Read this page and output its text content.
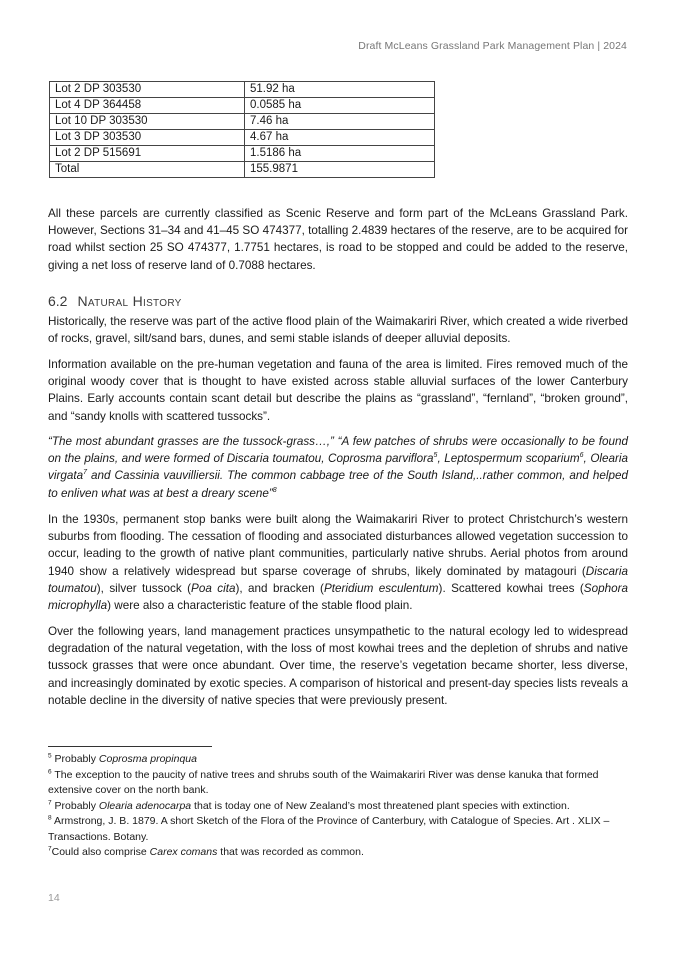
Draft McLeans Grassland Park Management Plan | 2024
Lot 2 DP 303530	51.92 ha
Lot 4 DP 364458	0.0585 ha
Lot 10 DP 303530	7.46 ha
Lot 3 DP 303530	4.67 ha
Lot 2 DP 515691	1.5186 ha
Total	155.9871

All these parcels are currently classified as Scenic Reserve and form part of the McLeans Grassland Park. However, Sections 31–34 and 41–45 SO 474377, totalling 2.4839 hectares of the reserve, are to be acquired for road whilst section 25 SO 474377, 1.7751 hectares, is road to be stopped and could be added to the reserve, giving a net loss of reserve land of 0.7088 hectares.

6.2 Natural History

Historically, the reserve was part of the active flood plain of the Waimakariri River, which created a wide riverbed of rocks, gravel, silt/sand bars, dunes, and semi stable islands of deeper alluvial deposits.

Information available on the pre-human vegetation and fauna of the area is limited. Fires removed much of the original woody cover that is thought to have existed across stable alluvial surfaces of the lower Canterbury Plains. Early accounts contain scant detail but describe the plains as “grassland”, “fernland”, “broken ground”, and “sandy knolls with scattered tussocks”.

“The most abundant grasses are the tussock-grass…,” “A few patches of shrubs were occasionally to be found on the plains, and were formed of Discaria toumatou, Coprosma parviflora$^5$, Leptospermum scoparium$^6$, Olearia virgata$^7$ and Cassinia vauvilliersii. The common cabbage tree of the South Island,..rather common, and helped to enliven what was at best a dreary scene”$^8$

In the 1930s, permanent stop banks were built along the Waimakariri River to protect Christchurch’s western suburbs from flooding. The cessation of flooding and associated disturbances allowed vegetation succession to occur, leading to the growth of native plant communities, particularly native shrubs. Aerial photos from around 1940 show a relatively widespread but sparse coverage of shrubs, likely dominated by matagouri (Discaria toumatou), silver tussock (Poa cita), and bracken (Pteridium esculentum). Scattered kowhai trees (Sophora microphylla) were also a characteristic feature of the stable flood plain.

Over the following years, land management practices unsympathetic to the natural ecology led to widespread degradation of the natural vegetation, with the loss of most kowhai trees and the depletion of shrubs and native tussock grasses that were once abundant. Over time, the reserve’s vegetation became shorter, less diverse, and increasingly dominated by exotic species. A comparison of historical and present-day species lists reveals a notable decline in the diversity of native species that were previously present.

$^5$ Probably Coprosma propinqua

$^6$ The exception to the paucity of native trees and shrubs south of the Waimakariri River was dense kanuka that formed extensive cover on the north bank.

$^7$ Probably Olearia adenocarpa that is today one of New Zealand’s most threatened plant species with extinction.

$^8$ Armstrong, J. B. 1879. A short Sketch of the Flora of the Province of Canterbury, with Catalogue of Species. Art . XLIX – Transactions. Botany.

$^7$Could also comprise Carex comans that was recorded as common.

14
